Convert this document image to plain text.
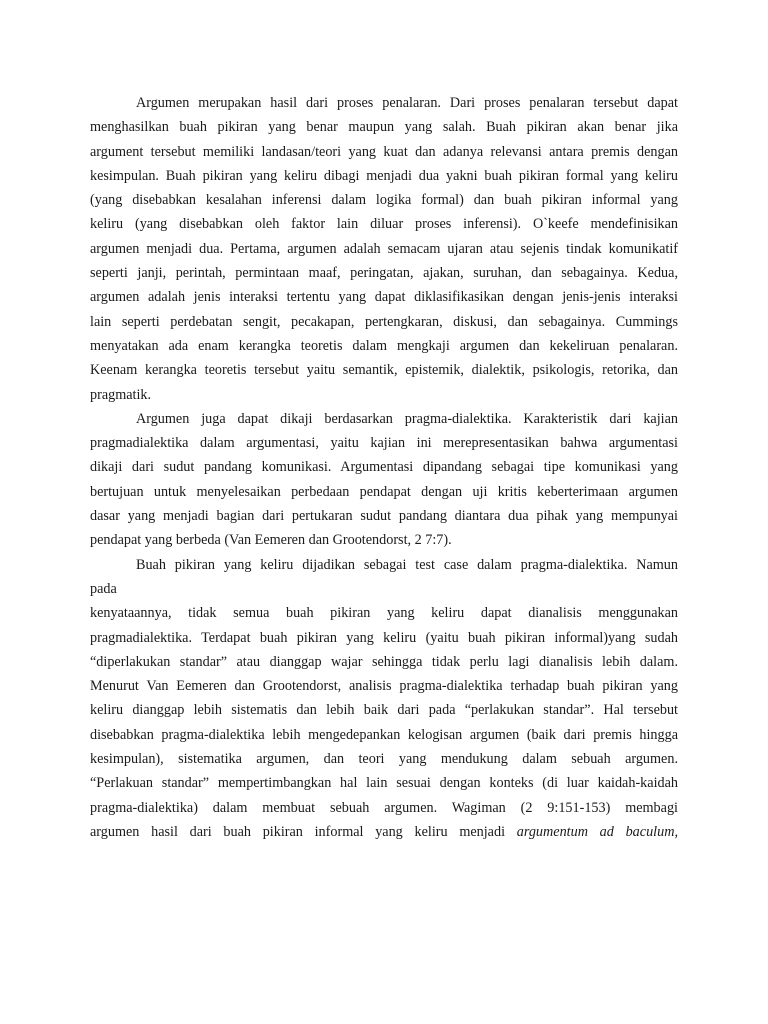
Argumen merupakan hasil dari proses penalaran. Dari proses penalaran tersebut dapat
menghasilkan buah pikiran yang benar maupun yang salah. Buah pikiran akan benar jika
argument tersebut memiliki landasan/teori yang kuat dan adanya relevansi antara premis dengan
kesimpulan. Buah pikiran yang keliru dibagi menjadi dua yakni buah pikiran formal yang keliru
(yang disebabkan kesalahan inferensi dalam logika formal) dan buah pikiran informal yang
keliru (yang disebabkan oleh faktor lain diluar proses inferensi). O`keefe mendefinisikan
argumen menjadi dua. Pertama, argumen adalah semacam ujaran atau sejenis tindak komunikatif
seperti janji, perintah, permintaan maaf, peringatan, ajakan, suruhan, dan sebagainya. Kedua,
argumen adalah jenis interaksi tertentu yang dapat diklasifikasikan dengan jenis-jenis interaksi
lain seperti perdebatan sengit, pecakapan, pertengkaran, diskusi, dan sebagainya. Cummings
menyatakan ada enam kerangka teoretis dalam mengkaji argumen dan kekeliruan penalaran.
Keenam kerangka teoretis tersebut yaitu semantik, epistemik, dialektik, psikologis, retorika, dan
pragmatik.
Argumen juga dapat dikaji berdasarkan pragma-dialektika. Karakteristik dari kajian
pragmadialektika dalam argumentasi, yaitu kajian ini merepresentasikan bahwa argumentasi
dikaji dari sudut pandang komunikasi. Argumentasi dipandang sebagai tipe komunikasi yang
bertujuan untuk menyelesaikan perbedaan pendapat dengan uji kritis keberterimaan argumen
dasar yang menjadi bagian dari pertukaran sudut pandang diantara dua pihak yang mempunyai
pendapat yang berbeda (Van Eemeren dan Grootendorst, 2 7:7).
Buah pikiran yang keliru dijadikan sebagai test case dalam pragma-dialektika. Namun
pada
kenyataannya, tidak semua buah pikiran yang keliru dapat dianalisis menggunakan
pragmadialektika. Terdapat buah pikiran yang keliru (yaitu buah pikiran informal)yang sudah
“diperlakukan standar” atau dianggap wajar sehingga tidak perlu lagi dianalisis lebih dalam.
Menurut Van Eemeren dan Grootendorst, analisis pragma-dialektika terhadap buah pikiran yang
keliru dianggap lebih sistematis dan lebih baik dari pada “perlakukan standar”. Hal tersebut
disebabkan pragma-dialektika lebih mengedepankan kelogisan argumen (baik dari premis hingga
kesimpulan), sistematika argumen, dan teori yang mendukung dalam sebuah argumen.
“Perlakuan standar” mempertimbangkan hal lain sesuai dengan konteks (di luar kaidah-kaidah
pragma-dialektika) dalam membuat sebuah argumen. Wagiman (2 9:151-153) membagi
argumen hasil dari buah pikiran informal yang keliru menjadi argumentum ad baculum,
